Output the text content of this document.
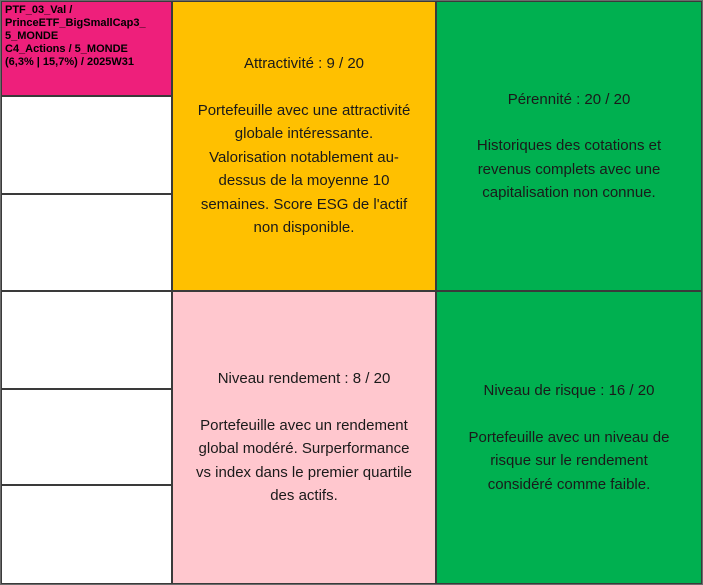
PTF_03_Val /
PrinceETF_BigSmallCap3_
5_MONDE
C4_Actions / 5_MONDE
(6,3% | 15,7%) / 2025W31	Attractivité : 9 / 20
Portefeuille avec une attractivité
globale intéressante.
Valorisation notablement au-
dessus de la moyenne 10
semaines. Score ESG de l'actif
non disponible.
Pérennité : 20 / 20
Historiques des cotations et
revenus complets avec une
capitalisation non connue.
Niveau rendement : 8 / 20
Portefeuille avec un rendement
global modéré. Surperformance
vs index dans le premier quartile
des actifs.
Niveau de risque : 16 / 20
Portefeuille avec un niveau de
risque sur le rendement
considéré comme faible.
